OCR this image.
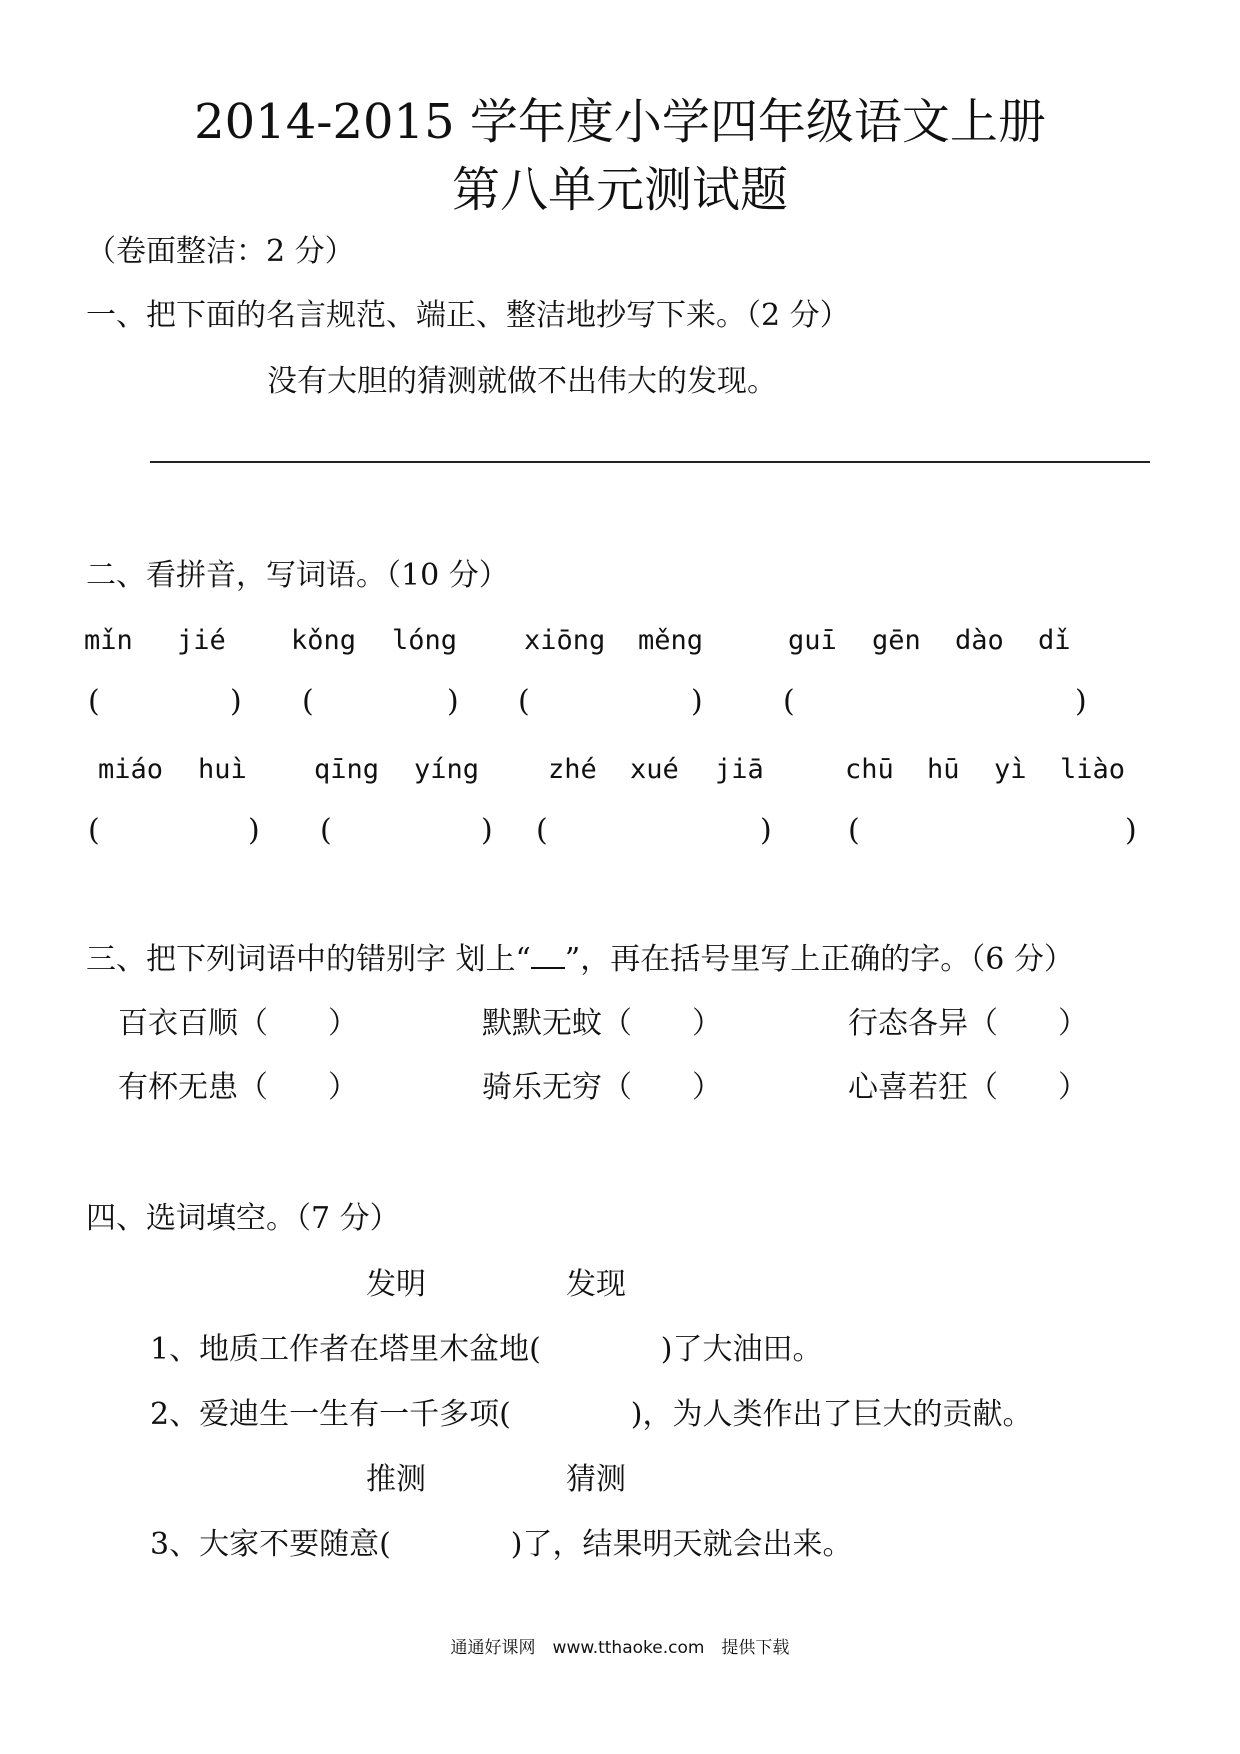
2014-2015 学年度小学四年级语文上册
第八单元测试题
（卷面整洁：2 分）
一、把下面的名言规范、端正、整洁地抄写下来。（2 分）
没有大胆的猜测就做不出伟大的发现。
二、看拼音，写词语。（10 分）
mǐn jié kǒng lóng xiōng měng	guī gēn dào dǐ
(	) (	) (	)	(	)
miáo huì qīng yíng	zhé xué jiā	chū hū yì liào
(	) (	) (	)	(	)
三、把下列词语中的错别字 划上“ ”，再在括号里写上正确的字。（6 分）
百衣百顺（　　）	默默无蚊（　　）	行态各异（　　）
有杯无患（　　）	骑乐无穷（　　）	心喜若狂（　　）
四、选词填空。（7 分）
发明	发现
1、地质工作者在塔里木盆地(　　　　)了大油田。
2、爱迪生一生有一千多项(　　　　)，为人类作出了巨大的贡献。
推测	猜测
3、大家不要随意(　　　　)了，结果明天就会出来。
通通好课网　www.tthaoke.com　提供下载
